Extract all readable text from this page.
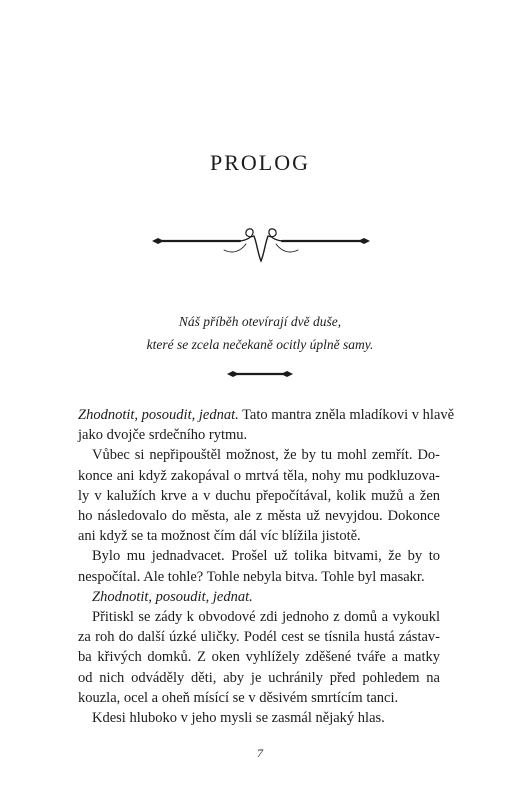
PROLOG
Náš příběh otevírají dvě duše,
které se zcela nečekaně ocitly úplně samy.
Zhodnotit, posoudit, jednat. Tato mantra zněla mladíkovi v hlavě
jako dvojče srdečního rytmu.
Vůbec si nepřipouštěl možnost, že by tu mohl zemřít. Do-
konce ani když zakopával o mrtvá těla, nohy mu podkluzova-
ly v kalužích krve a v duchu přepočítával, kolik mužů a žen
ho následovalo do města, ale z města už nevyjdou. Dokonce
ani když se ta možnost čím dál víc blížila jistotě.
Bylo mu jednadvacet. Prošel už tolika bitvami, že by to
nespočítal. Ale tohle? Tohle nebyla bitva. Tohle byl masakr.
Zhodnotit, posoudit, jednat.
Přitiskl se zády k obvodové zdi jednoho z domů a vykoukl
za roh do další úzké uličky. Podél cest se tísnila hustá zástav-
ba křivých domků. Z oken vyhlížely zděšené tváře a matky
od nich odváděly děti, aby je uchránily před pohledem na
kouzla, ocel a oheň mísící se v děsivém smrtícím tanci.
Kdesi hluboko v jeho mysli se zasmál nějaký hlas.
7
